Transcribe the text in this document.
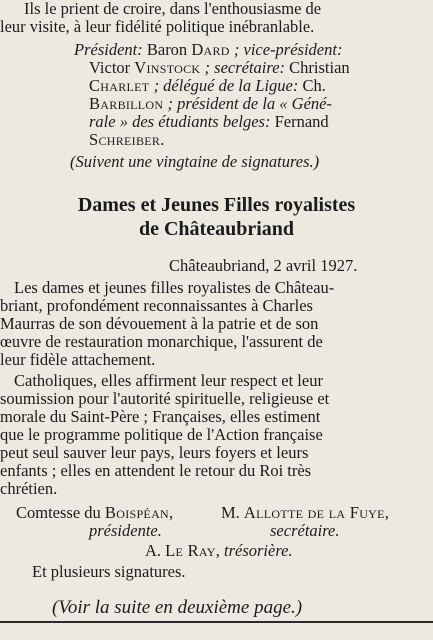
Ils le prient de croire, dans l'enthousiasme de

leur visite, à leur fidélité politique inébranlable.

Président: Baron Dard ; vice-président:

Victor Vinstock ; secrétaire: Christian

Charlet ; délégué de la Ligue: Ch.

Barbillon ; président de la « Géné-

rale » des étudiants belges: Fernand

Schreiber.

(Suivent une vingtaine de signatures.)

Dames et Jeunes Filles royalistes
de Châteaubriand

Châteaubriand, 2 avril 1927.

Les dames et jeunes filles royalistes de Château-

briant, profondément reconnaissantes à Charles

Maurras de son dévouement à la patrie et de son

œuvre de restauration monarchique, l'assurent de

leur fidèle attachement.

Catholiques, elles affirment leur respect et leur

soumission pour l'autorité spirituelle, religieuse et

morale du Saint-Père ; Françaises, elles estiment

que le programme politique de l'Action française

peut seul sauver leur pays, leurs foyers et leurs

enfants ; elles en attendent le retour du Roi très

chrétien.

Comtesse du Boispéan,	M. Allotte de la Fuye,

présidente.	secrétaire.

A. Le Ray, trésorière.

Et plusieurs signatures.

(Voir la suite en deuxième page.)
